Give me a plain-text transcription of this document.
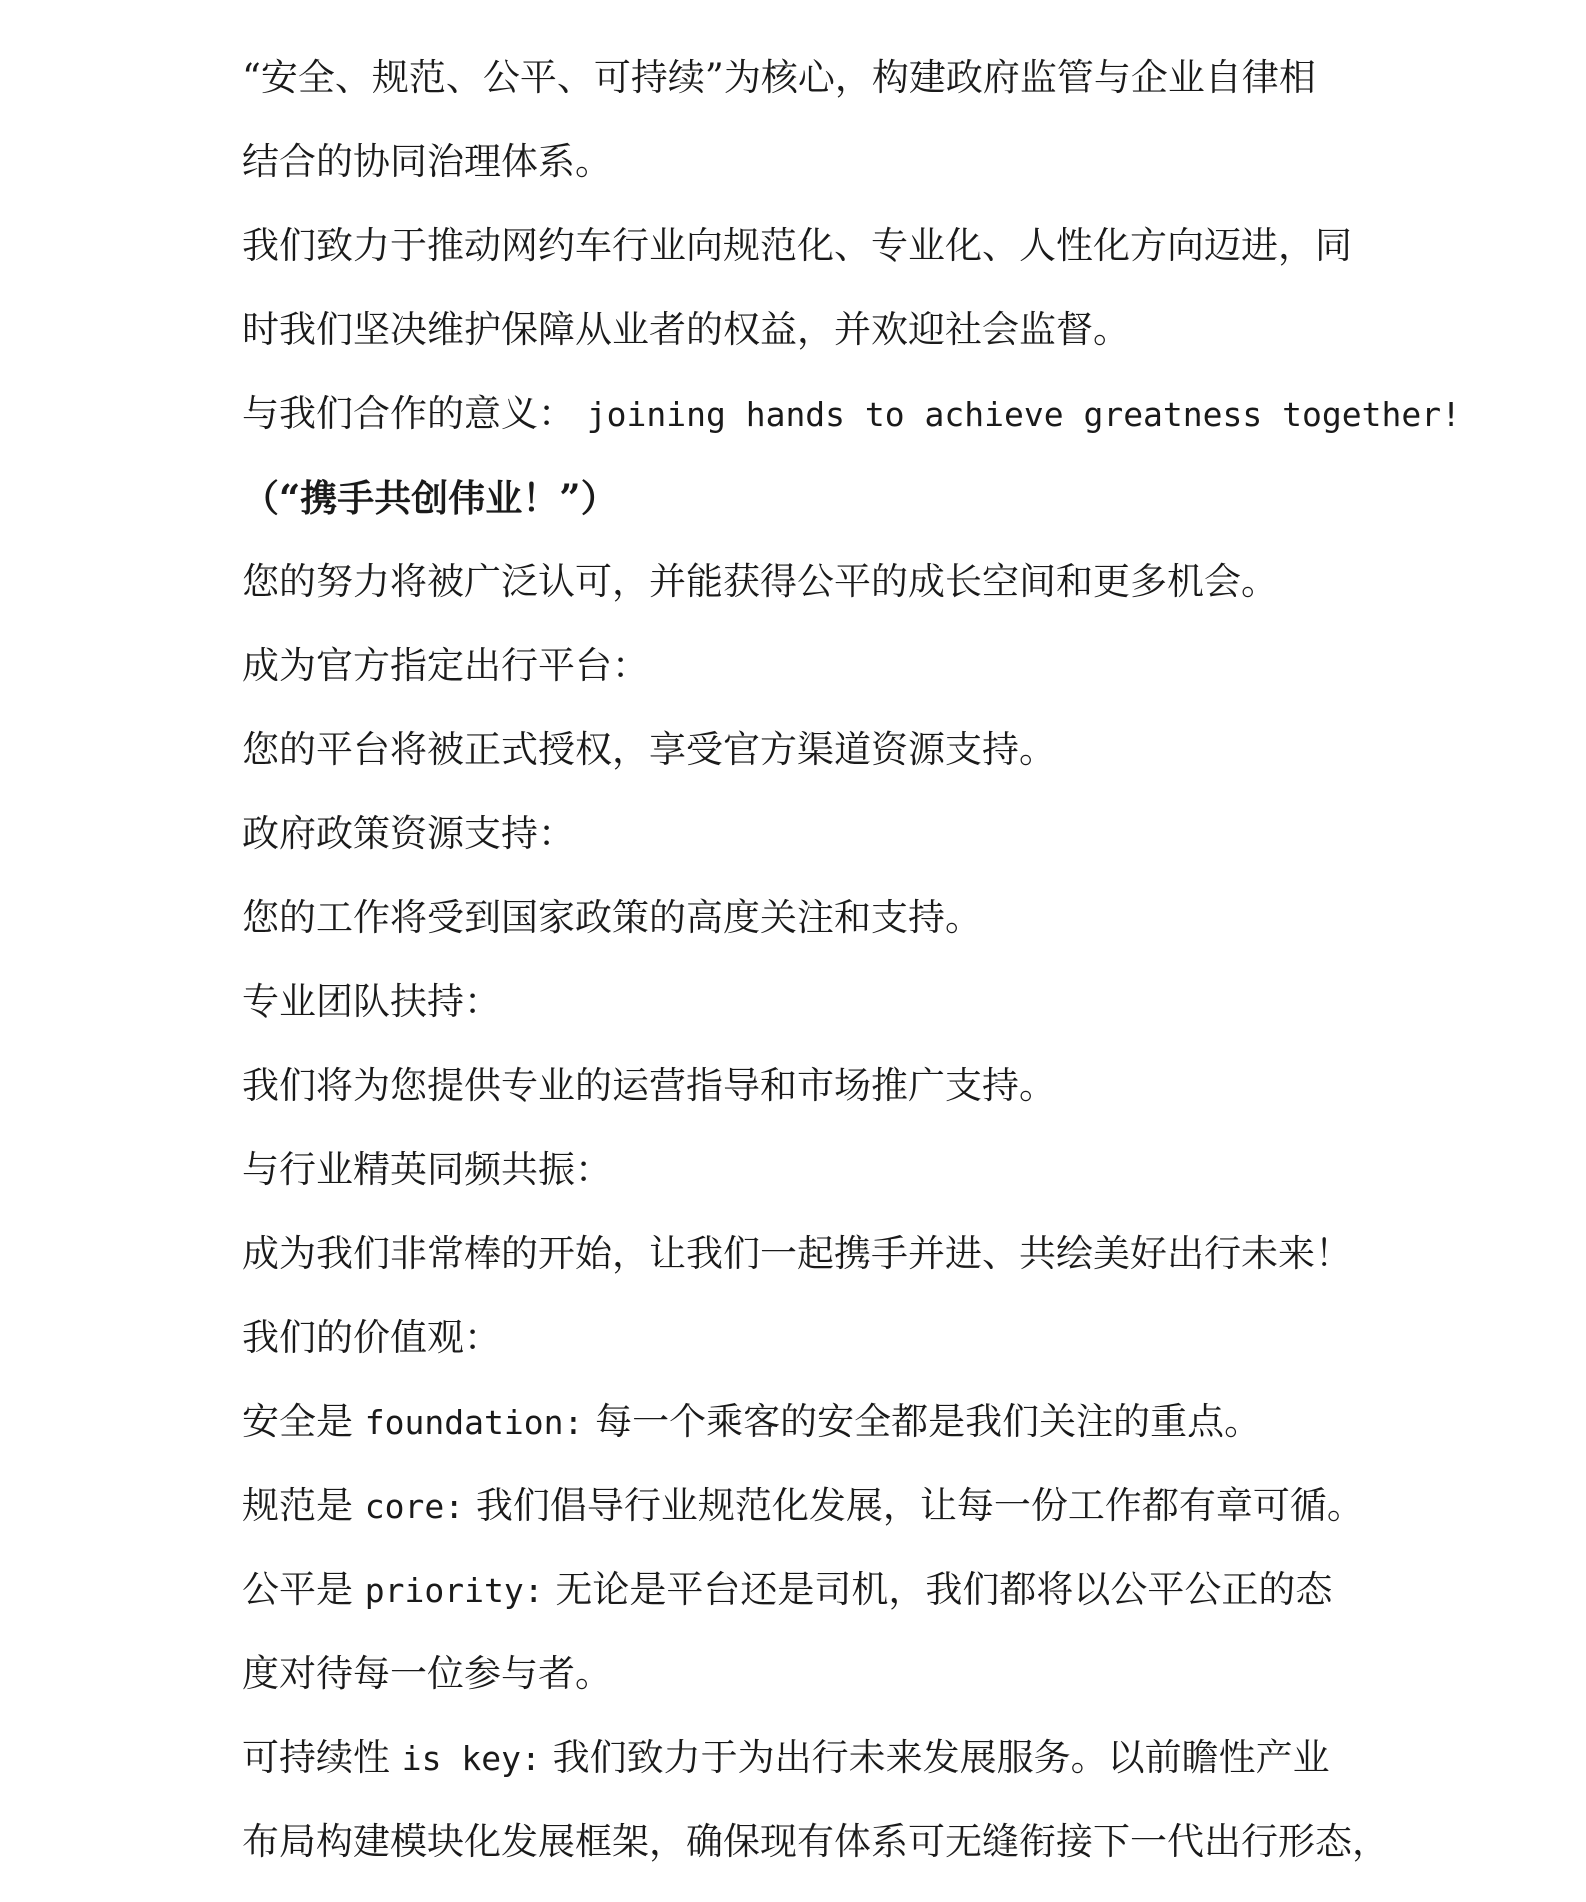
“安全、规范、公平、可持续”为核心，构建政府监管与企业自律相

结合的协同治理体系。

我们致力于推动网约车行业向规范化、专业化、人性化方向迈进，同

时我们坚决维护保障从业者的权益，并欢迎社会监督。

与我们合作的意义： joining hands to achieve greatness together!

（“携手共创伟业！”）

您的努力将被广泛认可，并能获得公平的成长空间和更多机会。

成为官方指定出行平台：

您的平台将被正式授权，享受官方渠道资源支持。

政府政策资源支持：

您的工作将受到国家政策的高度关注和支持。

专业团队扶持：

我们将为您提供专业的运营指导和市场推广支持。

与行业精英同频共振：

成为我们非常棒的开始，让我们一起携手并进、共绘美好出行未来！

我们的价值观：

安全是 foundation: 每一个乘客的安全都是我们关注的重点。

规范是 core: 我们倡导行业规范化发展，让每一份工作都有章可循。

公平是 priority: 无论是平台还是司机，我们都将以公平公正的态

度对待每一位参与者。

可持续性 is key: 我们致力于为出行未来发展服务。以前瞻性产业

布局构建模块化发展框架，确保现有体系可无缝衔接下一代出行形态，
